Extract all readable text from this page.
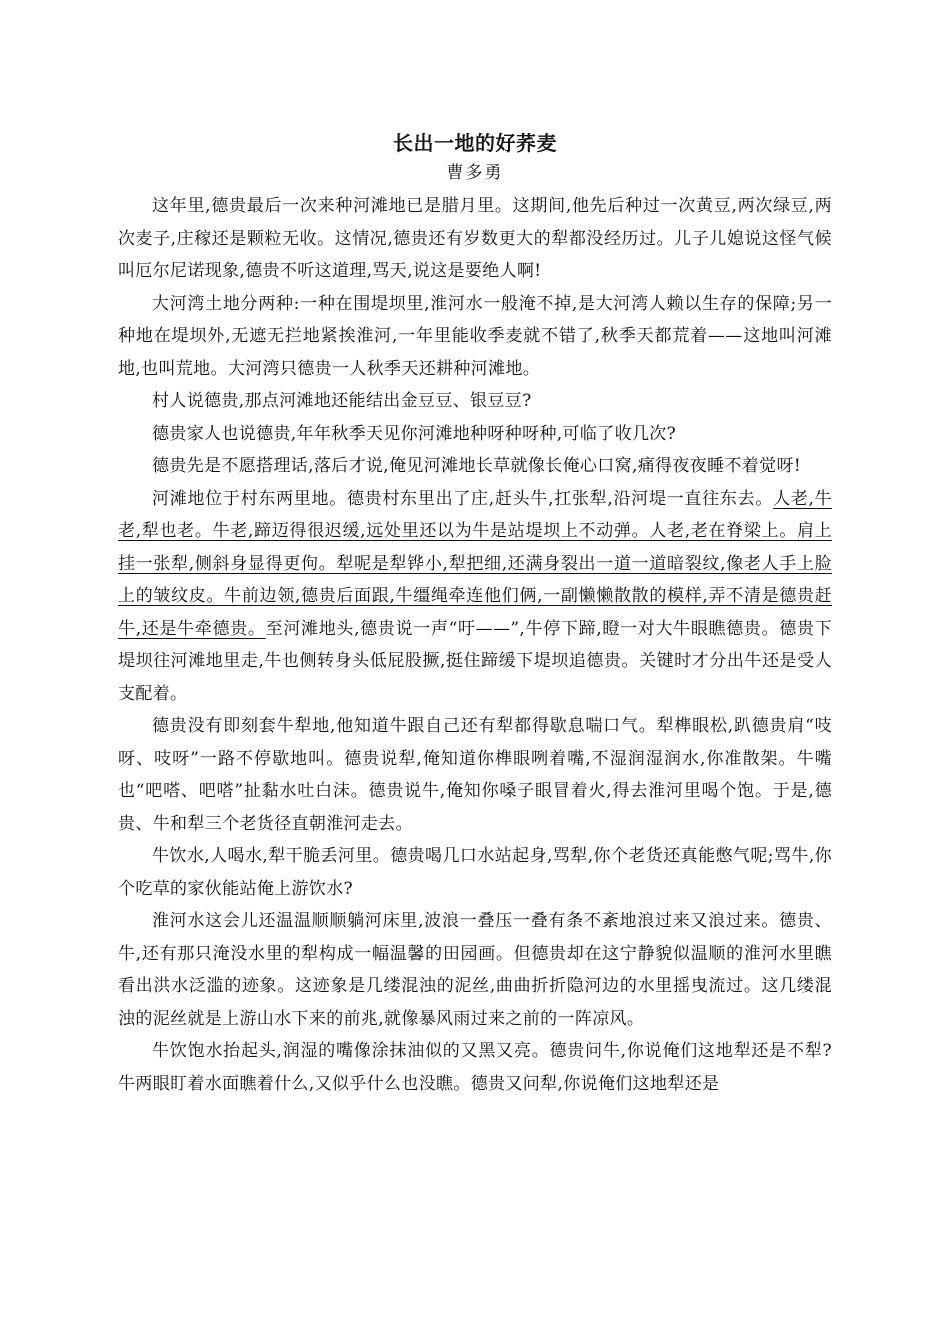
长出一地的好荞麦

曹多勇

这年里,德贵最后一次来种河滩地已是腊月里。这期间,他先后种过一次黄豆,两次绿豆,两次麦子,庄稼还是颗粒无收。这情况,德贵还有岁数更大的犁都没经历过。儿子儿媳说这怪气候叫厄尔尼诺现象,德贵不听这道理,骂天,说这是要绝人啊!

大河湾土地分两种:一种在围堤坝里,淮河水一般淹不掉,是大河湾人赖以生存的保障;另一种地在堤坝外,无遮无拦地紧挨淮河,一年里能收季麦就不错了,秋季天都荒着——这地叫河滩地,也叫荒地。大河湾只德贵一人秋季天还耕种河滩地。

村人说德贵,那点河滩地还能结出金豆豆、银豆豆?

德贵家人也说德贵,年年秋季天见你河滩地种呀种呀种,可临了收几次?

德贵先是不愿搭理话,落后才说,俺见河滩地长草就像长俺心口窝,痛得夜夜睡不着觉呀!

河滩地位于村东两里地。德贵村东里出了庄,赶头牛,扛张犁,沿河堤一直往东去。人老,牛老,犁也老。牛老,蹄迈得很迟缓,远处里还以为牛是站堤坝上不动弹。人老,老在脊梁上。肩上挂一张犁,侧斜身显得更佝。犁呢是犁铧小,犁把细,还满身裂出一道一道暗裂纹,像老人手上脸上的皱纹皮。牛前边领,德贵后面跟,牛缰绳牵连他们俩,一副懒懒散散的模样,弄不清是德贵赶牛,还是牛牵德贵。至河滩地头,德贵说一声“吁——”,牛停下蹄,瞪一对大牛眼瞧德贵。德贵下堤坝往河滩地里走,牛也侧转身头低屁股撅,挺住蹄缓下堤坝追德贵。关键时才分出牛还是受人支配着。

德贵没有即刻套牛犁地,他知道牛跟自己还有犁都得歇息喘口气。犁榫眼松,趴德贵肩“吱呀、吱呀”一路不停歇地叫。德贵说犁,俺知道你榫眼咧着嘴,不湿润湿润水,你准散架。牛嘴也“吧嗒、吧嗒”扯黏水吐白沫。德贵说牛,俺知你嗓子眼冒着火,得去淮河里喝个饱。于是,德贵、牛和犁三个老货径直朝淮河走去。

牛饮水,人喝水,犁干脆丢河里。德贵喝几口水站起身,骂犁,你个老货还真能憋气呢;骂牛,你个吃草的家伙能站俺上游饮水?

淮河水这会儿还温温顺顺躺河床里,波浪一叠压一叠有条不紊地浪过来又浪过来。德贵、牛,还有那只淹没水里的犁构成一幅温馨的田园画。但德贵却在这宁静貌似温顺的淮河水里瞧看出洪水泛滥的迹象。这迹象是几缕混浊的泥丝,曲曲折折隐河边的水里摇曳流过。这几缕混浊的泥丝就是上游山水下来的前兆,就像暴风雨过来之前的一阵凉风。

牛饮饱水抬起头,润湿的嘴像涂抹油似的又黑又亮。德贵问牛,你说俺们这地犁还是不犁?牛两眼盯着水面瞧着什么,又似乎什么也没瞧。德贵又问犁,你说俺们这地犁还是
